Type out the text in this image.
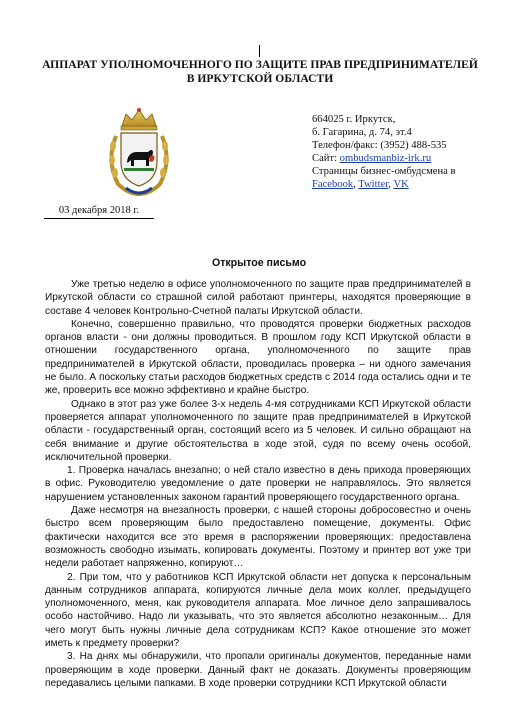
АППАРАТ УПОЛНОМОЧЕННОГО ПО ЗАЩИТЕ ПРАВ ПРЕДПРИНИМАТЕЛЕЙ
В ИРКУТСКОЙ ОБЛАСТИ
664025 г. Иркутск,
б. Гагарина, д. 74, эт.4
Телефон/факс: (3952) 488-535
Сайт: ombudsmanbiz-irk.ru
Страницы бизнес-омбудсмена в
Facebook, Twitter, VK
03 декабря 2018 г.
Открытое письмо

Уже третью неделю в офисе уполномоченного по защите прав предпринимателей в Иркутской области со страшной силой работают принтеры, находятся проверяющие в составе 4 человек Контрольно-Счетной палаты Иркутской области.

Конечно, совершенно правильно, что проводятся проверки бюджетных расходов органов власти - они должны проводиться. В прошлом году КСП Иркутской области в отношении государственного органа, уполномоченного по защите прав предпринимателей в Иркутской области, проводилась проверка – ни одного замечания не было. А поскольку статьи расходов бюджетных средств с 2014 года остались одни и те же, проверить все можно эффективно и крайне быстро.

Однако в этот раз уже более 3-х недель 4-мя сотрудниками КСП Иркутской области проверяется аппарат уполномоченного по защите прав предпринимателей в Иркутской области - государственный орган, состоящий всего из 5 человек. И сильно обращают на себя внимание и другие обстоятельства в ходе этой, судя по всему очень особой, исключительной проверки.

1. Проверка началась внезапно; о ней стало известно в день прихода проверяющих в офис. Руководителю уведомление о дате проверки не направлялось. Это является нарушением установленных законом гарантий проверяющего государственного органа.

Даже несмотря на внезапность проверки, с нашей стороны добросовестно и очень быстро всем проверяющим было предоставлено помещение, документы. Офис фактически находится все это время в распоряжении проверяющих: предоставлена возможность свободно изымать, копировать документы. Поэтому и принтер вот уже три недели работает напряженно, копируют…

2. При том, что у работников КСП Иркутской области нет допуска к персональным данным сотрудников аппарата, копируются личные дела моих коллег, предыдущего уполномоченного, меня, как руководителя аппарата. Мое личное дело запрашивалось особо настойчиво. Надо ли указывать, что это является абсолютно незаконным… Для чего могут быть нужны личные дела сотрудникам КСП? Какое отношение это может иметь к предмету проверки?

3. На днях мы обнаружили, что пропали оригиналы документов, переданные нами проверяющим в ходе проверки. Данный факт не доказать. Документы проверяющим передавались целыми папками. В ходе проверки сотрудники КСП Иркутской области
